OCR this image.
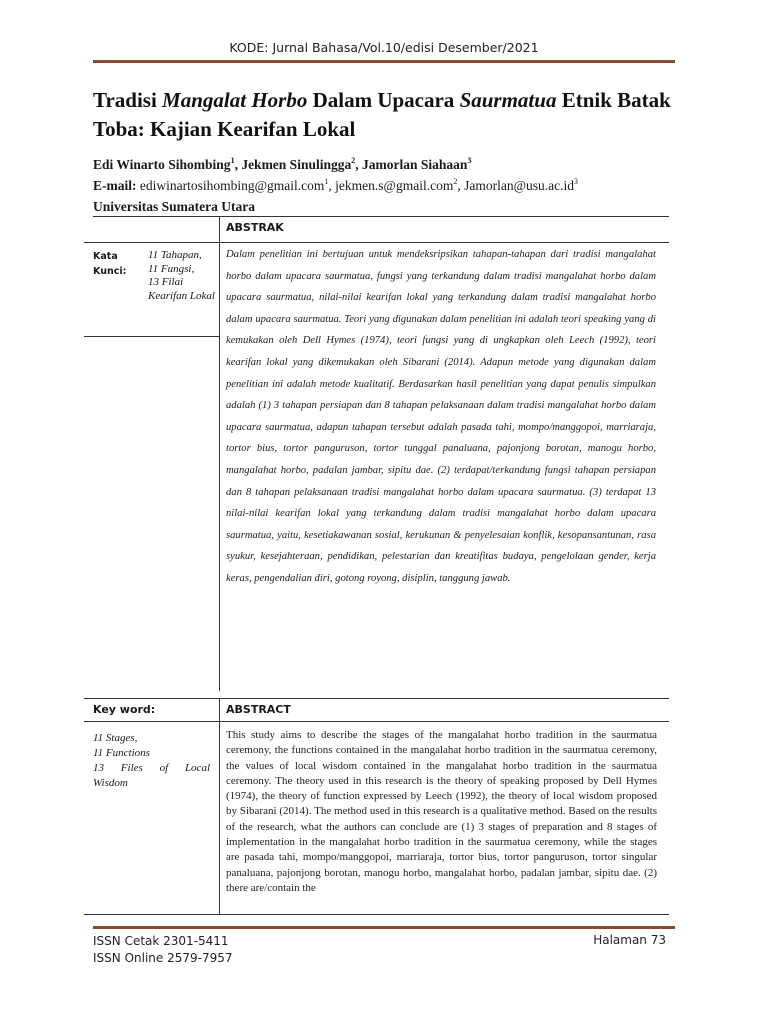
KODE: Jurnal Bahasa/Vol.10/edisi Desember/2021
Tradisi Mangalat Horbo Dalam Upacara Saurmatua Etnik Batak Toba: Kajian Kearifan Lokal
Edi Winarto Sihombing$^1$, Jekmen Sinulingga$^2$, Jamorlan Siahaan$^3$
E-mail: ediwinartosihombing@gmail.com$^1$, jekmen.s@gmail.com$^2$, $Jamorlan@usu.ac.id^3$
Universitas Sumatera Utara
ABSTRAK
Kata Kunci:
11 Tahapan,
11 Fungsi,
13 Filai Kearifan Lokal
Dalam penelitian ini bertujuan untuk mendeksripsikan tahapan-tahapan dari tradisi mangalahat horbo dalam upacara saurmatua, fungsi yang terkandung dalam tradisi mangalahat horbo dalam upacara saurmatua, nilai-nilai kearifan lokal yang terkandung dalam tradisi mangalahat horbo dalam upacara saurmatua. Teori yang digunakan dalam penelitian ini adalah teori speaking yang di kemukakan oleh Dell Hymes (1974), teori fungsi yang di ungkapkan oleh Leech (1992), teori kearifan lokal yang dikemukakan oleh Sibarani (2014). Adapun metode yang digunakan dalam penelitian ini adalah metode kualitatif. Berdasarkan hasil penelitian yang dapat penulis simpulkan adalah (1) 3 tahapan persiapan dan 8 tahapan pelaksanaan dalam tradisi mangalahat horbo dalam upacara saurmatua, adapun tahapan tersebut adalah pasada tahi, mompo/manggopoi, marriaraja, tortor bius, tortor panguruson, tortor tunggal panaluana, pajonjong borotan, manogu horbo, mangalahat horbo, padalan jambar, sipitu dae. (2) terdapat/terkandung fungsi tahapan persiapan dan 8 tahapan pelaksanaan tradisi mangalahat horbo dalam upacara saurmatua. (3) terdapat 13 nilai-nilai kearifan lokal yang terkandung dalam tradisi mangalahat horbo dalam upacara saurmatua, yaitu, kesetiakawanan sosial, kerukunan & penyelesaian konflik, kesopansantunan, rasa syukur, kesejahteraan, pendidikan, pelestarian dan kreatifitas budaya, pengelolaan gender, kerja keras, pengendalian diri, gotong royong, disiplin, tanggung jawab.
Key word:	ABSTRACT
11 Stages,
11 Functions
13 Files of Local
Wisdom
This study aims to describe the stages of the mangalahat horbo tradition in the saurmatua ceremony, the functions contained in the mangalahat horbo tradition in the saurmatua ceremony, the values of local wisdom contained in the mangalahat horbo tradition in the saurmatua ceremony. The theory used in this research is the theory of speaking proposed by Dell Hymes (1974), the theory of function expressed by Leech (1992), the theory of local wisdom proposed by Sibarani (2014). The method used in this research is a qualitative method. Based on the results of the research, what the authors can conclude are (1) 3 stages of preparation and 8 stages of implementation in the mangalahat horbo tradition in the saurmatua ceremony, while the stages are pasada tahi, mompo/manggopoi, marriaraja, tortor bius, tortor panguruson, tortor singular panaluana, pajonjong borotan, manogu horbo, mangalahat horbo, padalan jambar, sipitu dae. (2) there are/contain the
ISSN Cetak 2301-5411
ISSN Online 2579-7957
Halaman 73
